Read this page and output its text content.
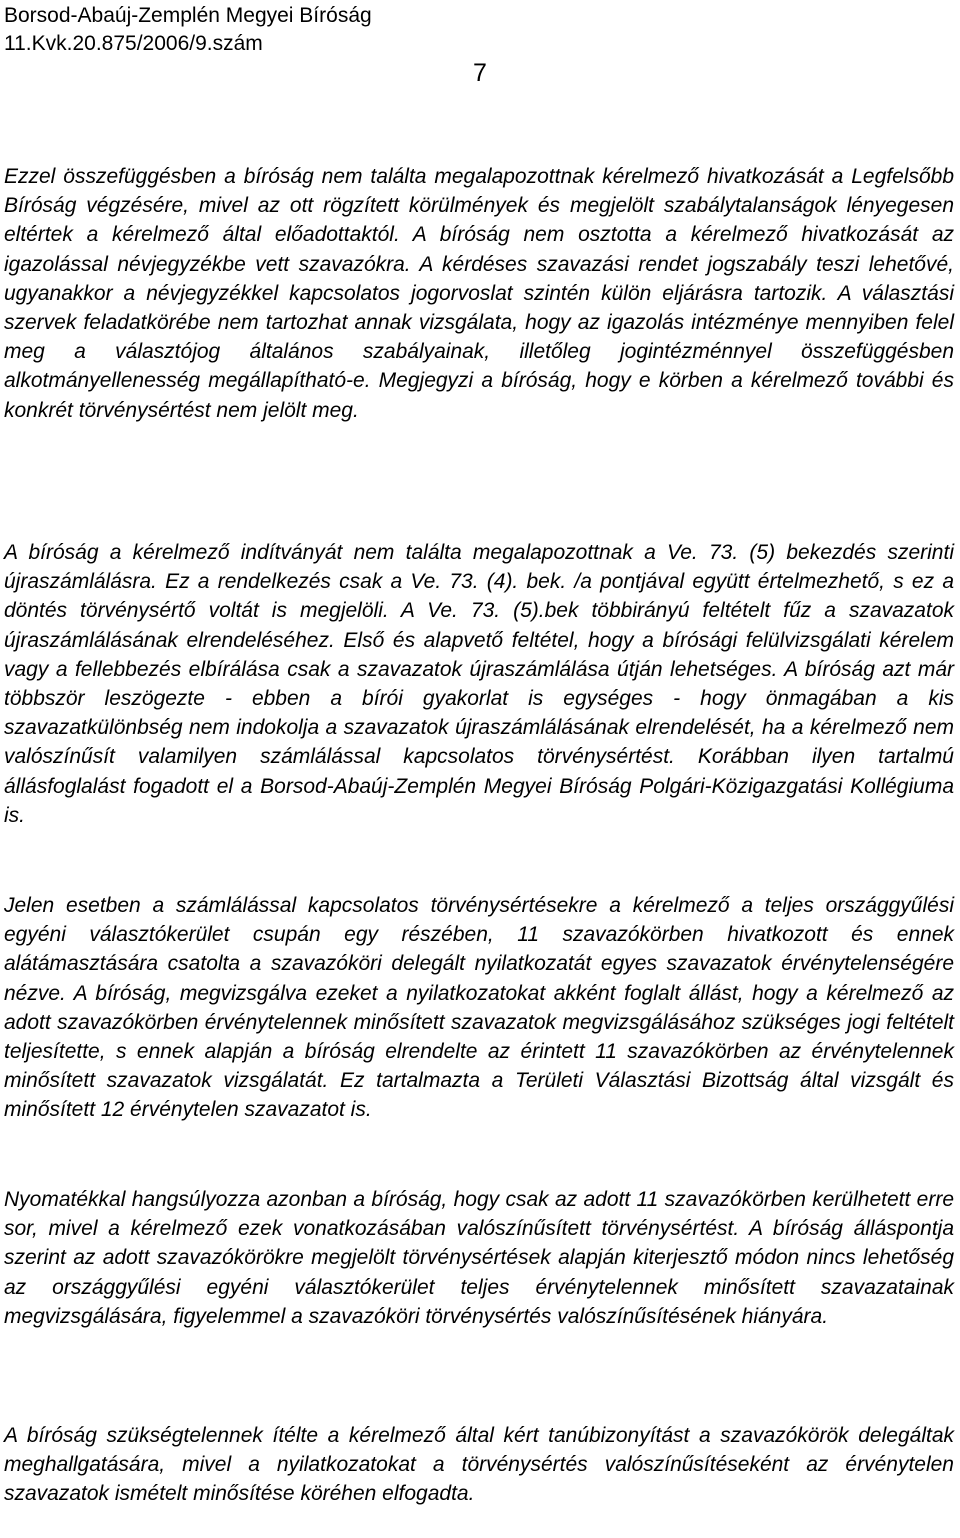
Borsod-Abaúj-Zemplén Megyei Bíróság
11.Kvk.20.875/2006/9.szám
7

Ezzel összefüggésben a bíróság nem találta megalapozottnak kérelmező hivatkozását a Legfelsőbb Bíróság végzésére, mivel az ott rögzített körülmények és megjelölt szabálytalanságok lényegesen eltértek a kérelmező által előadottaktól. A bíróság nem osztotta a kérelmező hivatkozását az igazolással névjegyzékbe vett szavazókra. A kérdéses szavazási rendet jogszabály teszi lehetővé, ugyanakkor a névjegyzékkel kapcsolatos jogorvoslat szintén külön eljárásra tartozik. A választási szervek feladatkörébe nem tartozhat annak vizsgálata, hogy az igazolás intézménye mennyiben felel meg a választójog általános szabályainak, illetőleg jogintézménnyel összefüggésben alkotmányellenesség megállapítható-e. Megjegyzi a bíróság, hogy e körben a kérelmező további és konkrét törvénysértést nem jelölt meg.

A bíróság a kérelmező indítványát nem találta megalapozottnak a Ve. 73. (5) bekezdés szerinti újraszámlálásra. Ez a rendelkezés csak a Ve. 73. (4). bek. /a pontjával együtt értelmezhető, s ez a döntés törvénysértő voltát is megjelöli. A Ve. 73. (5).bek többirányú feltételt fűz a szavazatok újraszámlálásának elrendeléséhez. Első és alapvető feltétel, hogy a bírósági felülvizsgálati kérelem vagy a fellebbezés elbírálása csak a szavazatok újraszámlálása útján lehetséges. A bíróság azt már többször leszögezte - ebben a bírói gyakorlat is egységes - hogy önmagában a kis szavazatkülönbség nem indokolja a szavazatok újraszámlálásának elrendelését, ha a kérelmező nem valószínűsít valamilyen számlálással kapcsolatos törvénysértést. Korábban ilyen tartalmú állásfoglalást fogadott el a Borsod-Abaúj-Zemplén Megyei Bíróság Polgári-Közigazgatási Kollégiuma is.

Jelen esetben a számlálással kapcsolatos törvénysértésekre a kérelmező a teljes országgyűlési egyéni választókerület csupán egy részében, 11 szavazókörben hivatkozott és ennek alátámasztására csatolta a szavazóköri delegált nyilatkozatát egyes szavazatok érvénytelenségére nézve. A bíróság, megvizsgálva ezeket a nyilatkozatokat akként foglalt állást, hogy a kérelmező az adott szavazókörben érvénytelennek minősített szavazatok megvizsgálásához szükséges jogi feltételt teljesítette, s ennek alapján a bíróság elrendelte az érintett 11 szavazókörben az érvénytelennek minősített szavazatok vizsgálatát. Ez tartalmazta a Területi Választási Bizottság által vizsgált és minősített 12 érvénytelen szavazatot is.

Nyomatékkal hangsúlyozza azonban a bíróság, hogy csak az adott 11 szavazókörben kerülhetett erre sor, mivel a kérelmező ezek vonatkozásában valószínűsített törvénysértést. A bíróság álláspontja szerint az adott szavazókörökre megjelölt törvénysértések alapján kiterjesztő módon nincs lehetőség az országgyűlési egyéni választókerület teljes érvénytelennek minősített szavazatainak megvizsgálására, figyelemmel a szavazóköri törvénysértés valószínűsítésének hiányára.

A bíróság szükségtelennek ítélte a kérelmező által kért tanúbizonyítást a szavazókörök delegáltak meghallgatására, mivel a nyilatkozatokat a törvénysértés valószínűsítéseként az érvénytelen szavazatok ismételt minősítése köréhen elfogadta.
